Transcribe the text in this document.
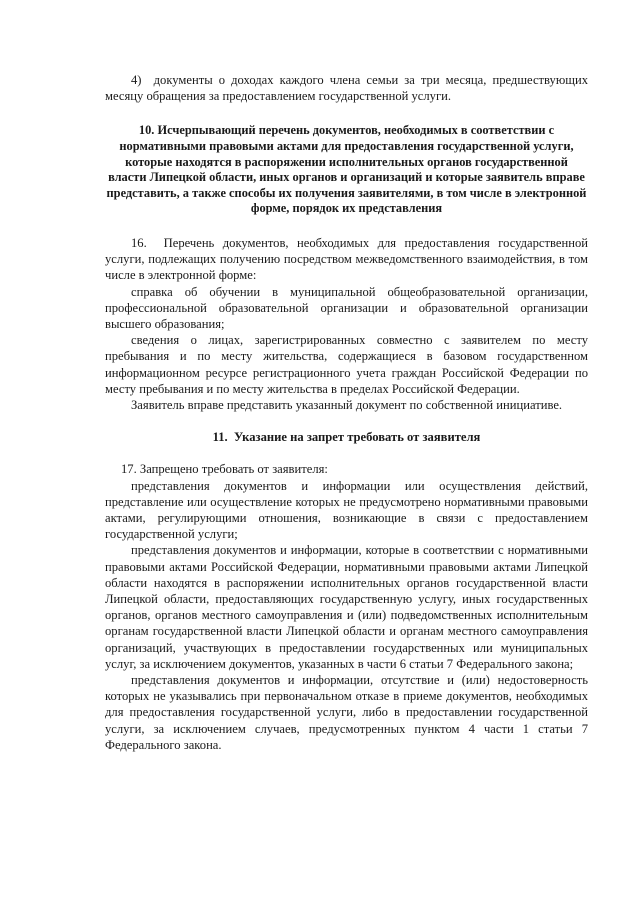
4)  документы о доходах каждого члена семьи за три месяца, предшествующих месяцу обращения за предоставлением государственной услуги.

10. Исчерпывающий перечень документов, необходимых в соответствии с нормативными правовыми актами для предоставления государственной услуги, которые находятся в распоряжении исполнительных органов государственной власти Липецкой области, иных органов и организаций и которые заявитель вправе представить, а также способы их получения заявителями, в том числе в электронной форме, порядок их представления

16.  Перечень документов, необходимых для предоставления государственной услуги, подлежащих получению посредством межведомственного взаимодействия, в том числе в электронной форме:

справка об обучении в муниципальной общеобразовательной организации, профессиональной образовательной организации и образовательной организации высшего образования;

сведения о лицах, зарегистрированных совместно с заявителем по месту пребывания и по месту жительства, содержащиеся в базовом государственном информационном ресурсе регистрационного учета граждан Российской Федерации по месту пребывания и по месту жительства в пределах Российской Федерации.

Заявитель вправе представить указанный документ по собственной инициативе.

11.  Указание на запрет требовать от заявителя

17. Запрещено требовать от заявителя:

представления документов и информации или осуществления действий, представление или осуществление которых не предусмотрено нормативными правовыми актами, регулирующими отношения, возникающие в связи с предоставлением государственной услуги;

представления документов и информации, которые в соответствии с нормативными правовыми актами Российской Федерации, нормативными правовыми актами Липецкой области находятся в распоряжении исполнительных органов государственной власти Липецкой области, предоставляющих государственную услугу, иных государственных органов, органов местного самоуправления и (или) подведомственных исполнительным органам государственной власти Липецкой области и органам местного самоуправления организаций, участвующих в предоставлении государственных или муниципальных услуг, за исключением документов, указанных в части 6 статьи 7 Федерального закона;

представления документов и информации, отсутствие и (или) недостоверность которых не указывались при первоначальном отказе в приеме документов, необходимых для предоставления государственной услуги, либо в предоставлении государственной услуги, за исключением случаев, предусмотренных пунктом 4 части 1 статьи 7 Федерального закона.
